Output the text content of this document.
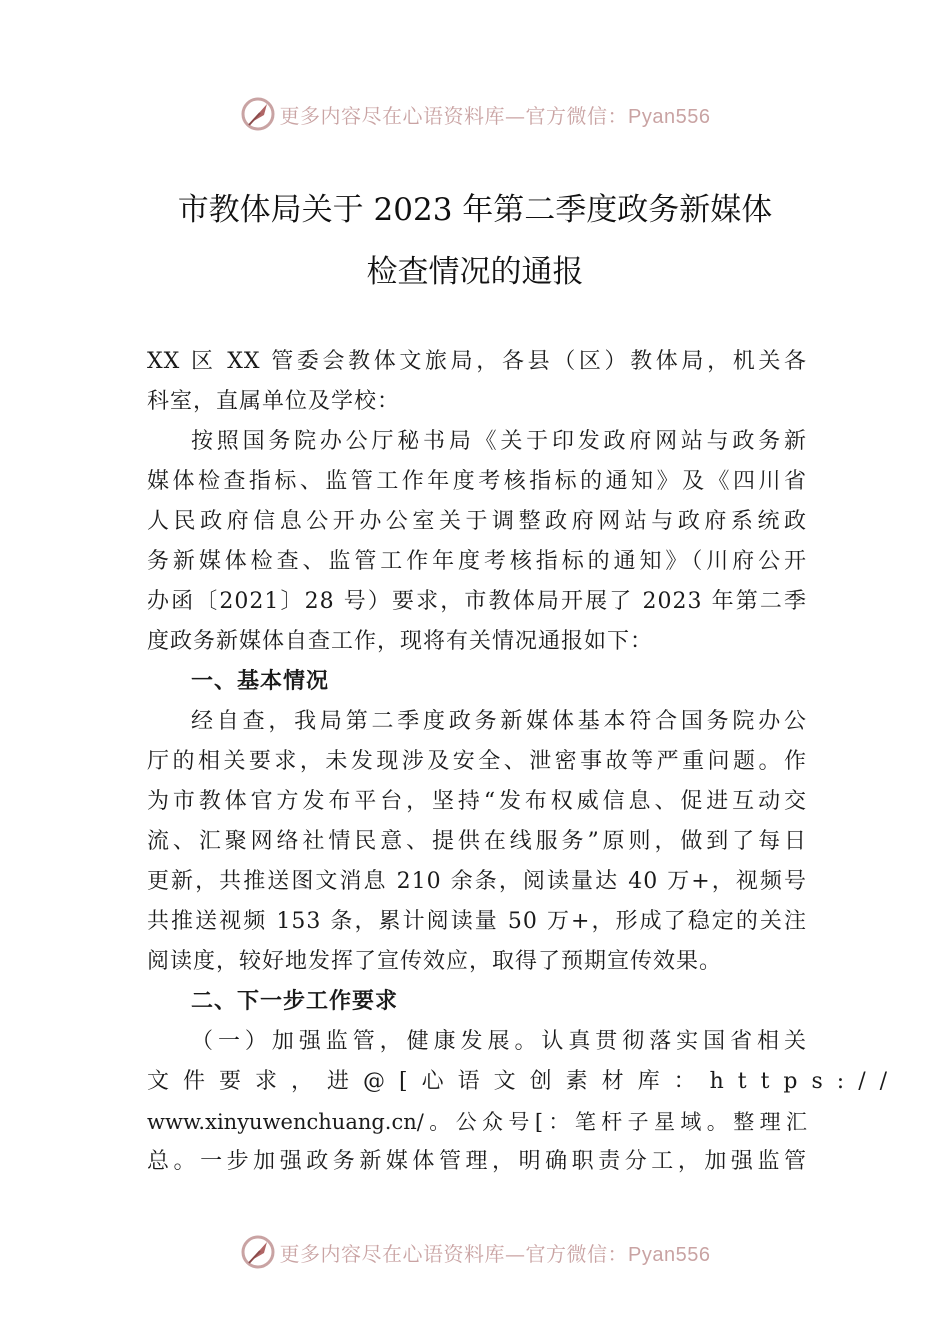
更多内容尽在心语资料库—官方微信：Pyan556
市教体局关于 2023 年第二季度政务新媒体
检查情况的通报
XX 区 XX 管委会教体文旅局，各县（区）教体局，机关各
科室，直属单位及学校：
按照国务院办公厅秘书局《关于印发政府网站与政务新
媒体检查指标、监管工作年度考核指标的通知》及《四川省
人民政府信息公开办公室关于调整政府网站与政府系统政
务新媒体检查、监管工作年度考核指标的通知》（川府公开
办函〔2021〕28 号）要求，市教体局开展了 2023 年第二季
度政务新媒体自查工作，现将有关情况通报如下：
一、基本情况
经自查，我局第二季度政务新媒体基本符合国务院办公
厅的相关要求，未发现涉及安全、泄密事故等严重问题。作
为市教体官方发布平台，坚持“发布权威信息、促进互动交
流、汇聚网络社情民意、提供在线服务”原则，做到了每日
更新，共推送图文消息 210 余条，阅读量达 40 万+，视频号
共推送视频 153 条，累计阅读量 50 万+，形成了稳定的关注
阅读度，较好地发挥了宣传效应，取得了预期宣传效果。
二、下一步工作要求
（一）加强监管，健康发展。认真贯彻落实国省相关
文件要求，进@[心语文创素材库：https://
www.xinyuwenchuang.cn/。公众号[：笔杆子星域。整理汇
总。一步加强政务新媒体管理，明确职责分工，加强监管
更多内容尽在心语资料库—官方微信：Pyan556
